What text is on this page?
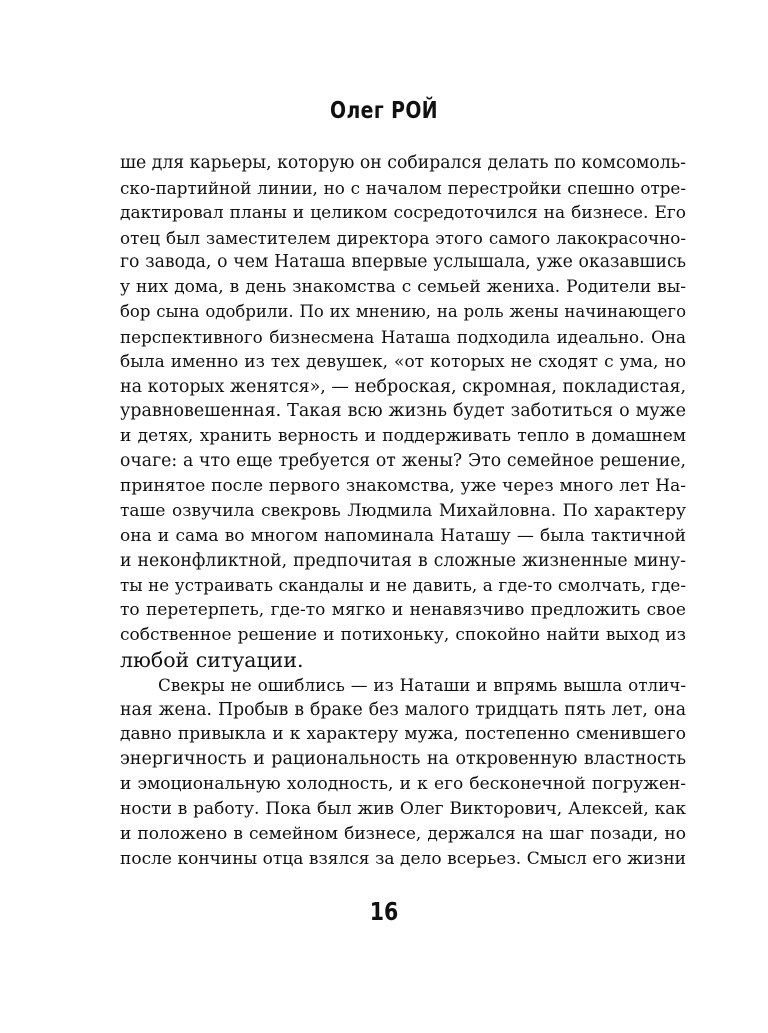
Олег РОЙ
ше для карьеры, которую он собирался делать по комсомоль-
ско-партийной линии, но с началом перестройки спешно отре-
дактировал планы и целиком сосредоточился на бизнесе. Его
отец был заместителем директора этого самого лакокрасочно-
го завода, о чем Наташа впервые услышала, уже оказавшись
у них дома, в день знакомства с семьей жениха. Родители вы-
бор сына одобрили. По их мнению, на роль жены начинающего
перспективного бизнесмена Наташа подходила идеально. Она
была именно из тех девушек, «от которых не сходят с ума, но
на которых женятся», — неброская, скромная, покладистая,
уравновешенная. Такая всю жизнь будет заботиться о муже
и детях, хранить верность и поддерживать тепло в домашнем
очаге: а что еще требуется от жены? Это семейное решение,
принятое после первого знакомства, уже через много лет На-
таше озвучила свекровь Людмила Михайловна. По характеру
она и сама во многом напоминала Наташу — была тактичной
и неконфликтной, предпочитая в сложные жизненные мину-
ты не устраивать скандалы и не давить, а где-то смолчать, где-
то перетерпеть, где-то мягко и ненавязчиво предложить свое
собственное решение и потихоньку, спокойно найти выход из
любой ситуации.
Свекры не ошиблись — из Наташи и впрямь вышла отлич-
ная жена. Пробыв в браке без малого тридцать пять лет, она
давно привыкла и к характеру мужа, постепенно сменившего
энергичность и рациональность на откровенную властность
и эмоциональную холодность, и к его бесконечной погружен-
ности в работу. Пока был жив Олег Викторович, Алексей, как
и положено в семейном бизнесе, держался на шаг позади, но
после кончины отца взялся за дело всерьез. Смысл его жизни
16
